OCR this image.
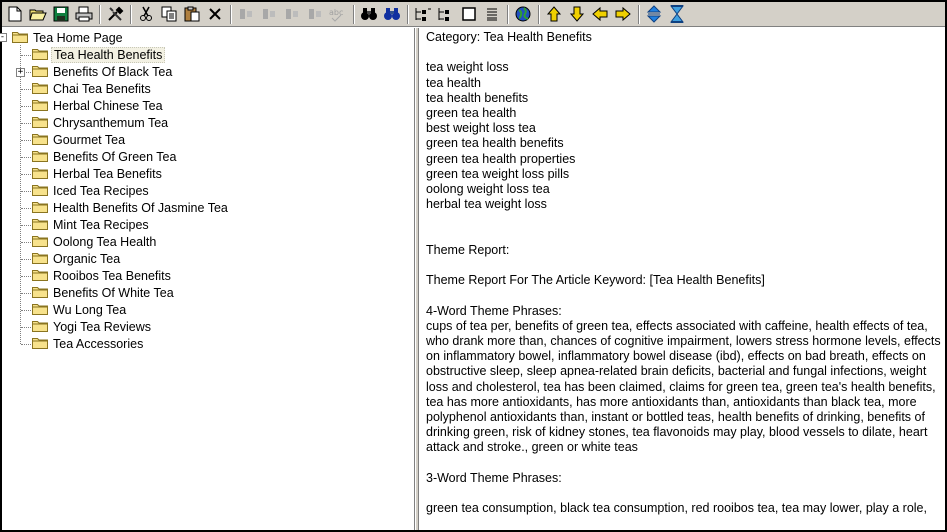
abc
Tea Home Page
-
Tea Health Benefits
Benefits Of Black Tea
+
Chai Tea Benefits
Herbal Chinese Tea
Chrysanthemum Tea
Gourmet Tea
Benefits Of Green Tea
Herbal Tea Benefits
Iced Tea Recipes
Health Benefits Of Jasmine Tea
Mint Tea Recipes
Oolong Tea Health
Organic Tea
Rooibos Tea Benefits
Benefits Of White Tea
Wu Long Tea
Yogi Tea Reviews
Tea Accessories
Category: Tea Health Benefits
tea weight loss
tea health
tea health benefits
green tea health
best weight loss tea
green tea health benefits
green tea health properties
green tea weight loss pills
oolong weight loss tea
herbal tea weight loss
Theme Report:
Theme Report For The Article Keyword: [Tea Health Benefits]
4-Word Theme Phrases:
cups of tea per, benefits of green tea, effects associated with caffeine, health effects of tea,
who drank more than, chances of cognitive impairment, lowers stress hormone levels, effects
on inflammatory bowel, inflammatory bowel disease (ibd), effects on bad breath, effects on
obstructive sleep, sleep apnea-related brain deficits, bacterial and fungal infections, weight
loss and cholesterol, tea has been claimed, claims for green tea, green tea's health benefits,
tea has more antioxidants, has more antioxidants than, antioxidants than black tea, more
polyphenol antioxidants than, instant or bottled teas, health benefits of drinking, benefits of
drinking green, risk of kidney stones, tea flavonoids may play, blood vessels to dilate, heart
attack and stroke., green or white teas
3-Word Theme Phrases:
green tea consumption, black tea consumption, red rooibos tea, tea may lower, play a role,
